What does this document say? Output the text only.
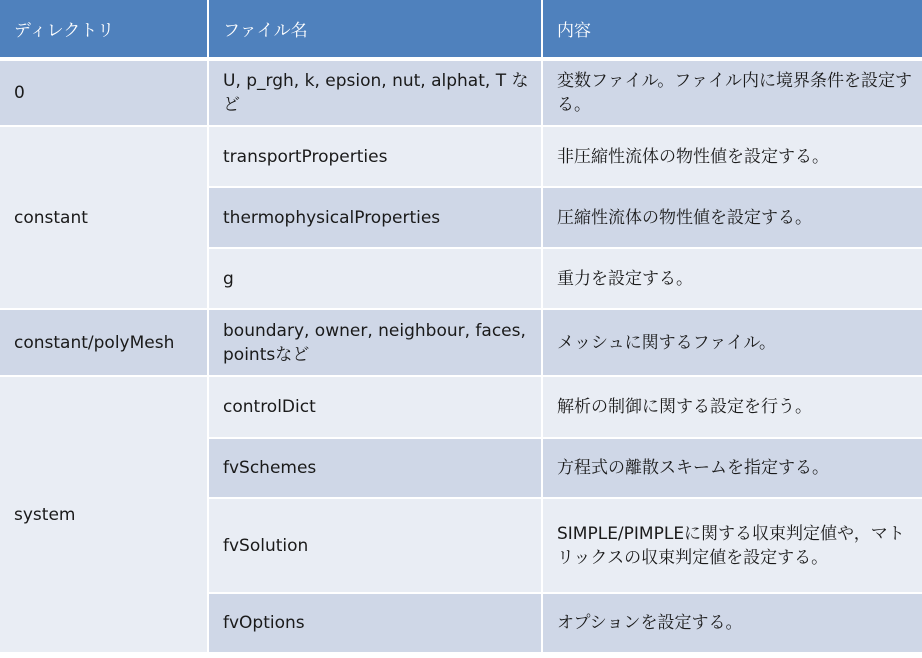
ディレクトリ	ファイル名	内容
0	U, p_rgh, k, epsion, nut, alphat, T など	変数ファイル。ファイル内に境界条件を設定する。
constant	transportProperties	非圧縮性流体の物性値を設定する。
	thermophysicalProperties	圧縮性流体の物性値を設定する。
	g	重力を設定する。
constant/polyMesh	boundary, owner, neighbour, faces, pointsなど	メッシュに関するファイル。
system	controlDict	解析の制御に関する設定を行う。
	fvSchemes	方程式の離散スキームを指定する。
	fvSolution	SIMPLE/PIMPLEに関する収束判定値や，マトリックスの収束判定値を設定する。
	fvOptions	オプションを設定する。
